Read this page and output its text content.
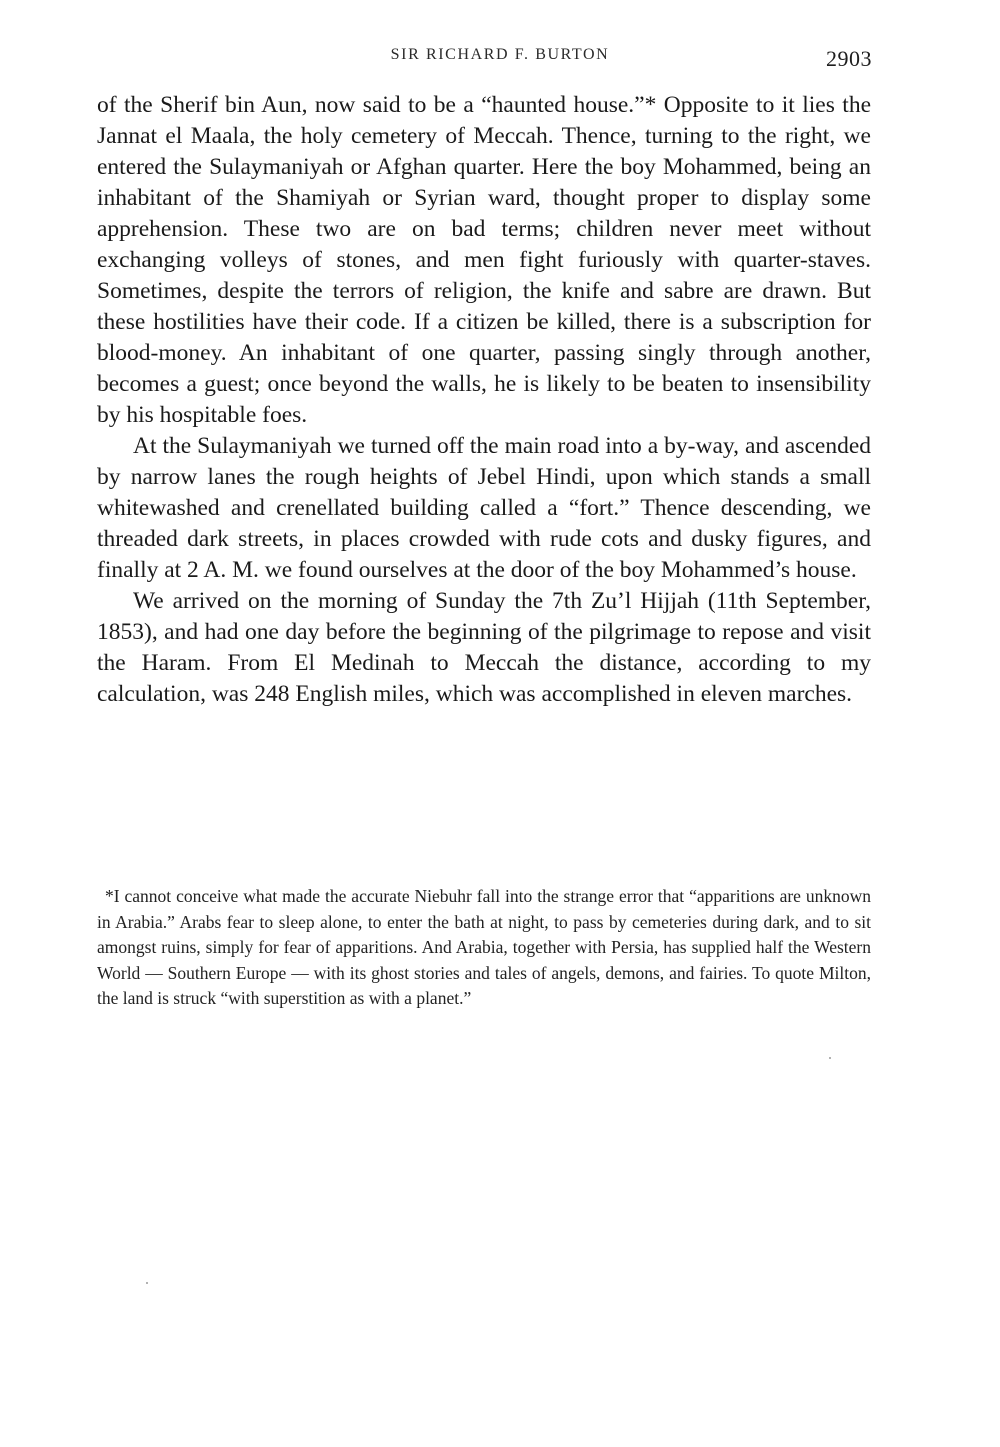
SIR RICHARD F. BURTON	2903

of the Sherif bin Aun, now said to be a “haunted house.”* Opposite to it lies the Jannat el Maala, the holy cemetery of Meccah. Thence, turning to the right, we entered the Sulaymaniyah or Afghan quarter. Here the boy Mohammed, being an inhabitant of the Shamiyah or Syrian ward, thought proper to display some apprehension. These two are on bad terms; children never meet without exchanging volleys of stones, and men fight furiously with quarter-staves. Sometimes, despite the terrors of religion, the knife and sabre are drawn. But these hostilities have their code. If a citizen be killed, there is a subscription for blood-money. An inhabitant of one quarter, passing singly through another, becomes a guest; once beyond the walls, he is likely to be beaten to insensibility by his hospitable foes.

At the Sulaymaniyah we turned off the main road into a by-way, and ascended by narrow lanes the rough heights of Jebel Hindi, upon which stands a small whitewashed and crenellated building called a “fort.” Thence descending, we threaded dark streets, in places crowded with rude cots and dusky figures, and finally at 2 A. M. we found ourselves at the door of the boy Mohammed’s house.

We arrived on the morning of Sunday the 7th Zu’l Hijjah (11th September, 1853), and had one day before the beginning of the pilgrimage to repose and visit the Haram. From El Medinah to Meccah the distance, according to my calculation, was 248 English miles, which was accomplished in eleven marches.

*I cannot conceive what made the accurate Niebuhr fall into the strange error that “apparitions are unknown in Arabia.” Arabs fear to sleep alone, to enter the bath at night, to pass by cemeteries during dark, and to sit amongst ruins, simply for fear of apparitions. And Arabia, together with Persia, has supplied half the Western World — Southern Europe — with its ghost stories and tales of angels, demons, and fairies. To quote Milton, the land is struck “with superstition as with a planet.”
